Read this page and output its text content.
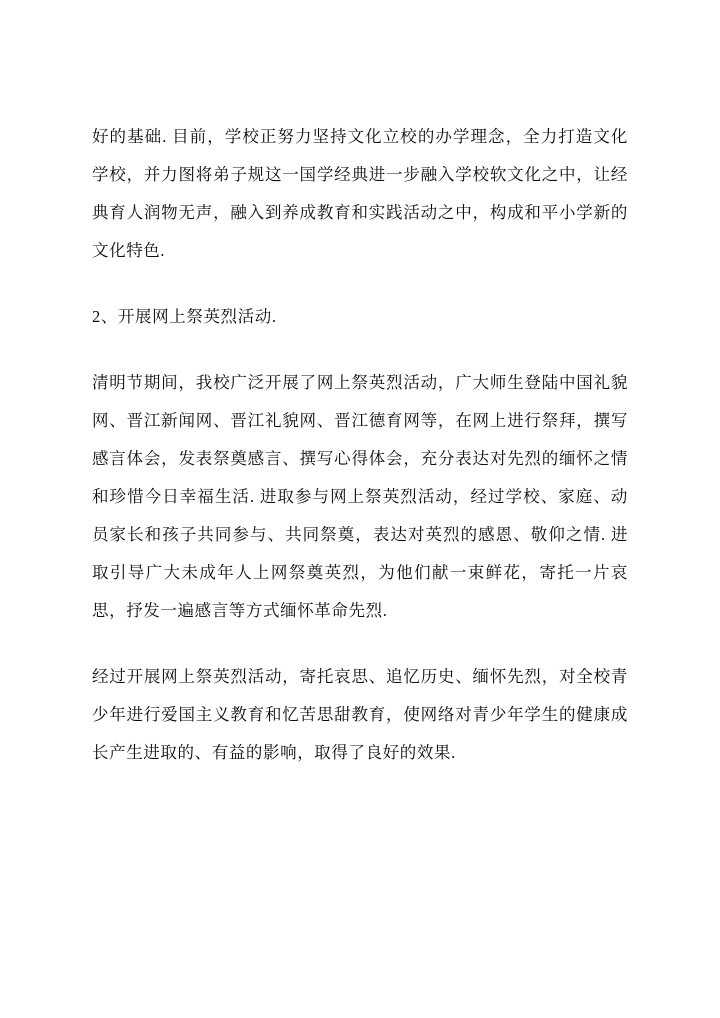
好的基础. 目前，学校正努力坚持文化立校的办学理念，全力打造文化学校，并力图将弟子规这一国学经典进一步融入学校软文化之中，让经典育人润物无声，融入到养成教育和实践活动之中，构成和平小学新的文化特色.

2、开展网上祭英烈活动.

清明节期间，我校广泛开展了网上祭英烈活动，广大师生登陆中国礼貌网、晋江新闻网、晋江礼貌网、晋江德育网等，在网上进行祭拜，撰写感言体会，发表祭奠感言、撰写心得体会，充分表达对先烈的缅怀之情和珍惜今日幸福生活. 进取参与网上祭英烈活动，经过学校、家庭、动员家长和孩子共同参与、共同祭奠，表达对英烈的感恩、敬仰之情. 进取引导广大未成年人上网祭奠英烈，为他们献一束鲜花，寄托一片哀思，抒发一遍感言等方式缅怀革命先烈.

经过开展网上祭英烈活动，寄托哀思、追忆历史、缅怀先烈，对全校青少年进行爱国主义教育和忆苦思甜教育，使网络对青少年学生的健康成长产生进取的、有益的影响，取得了良好的效果.
